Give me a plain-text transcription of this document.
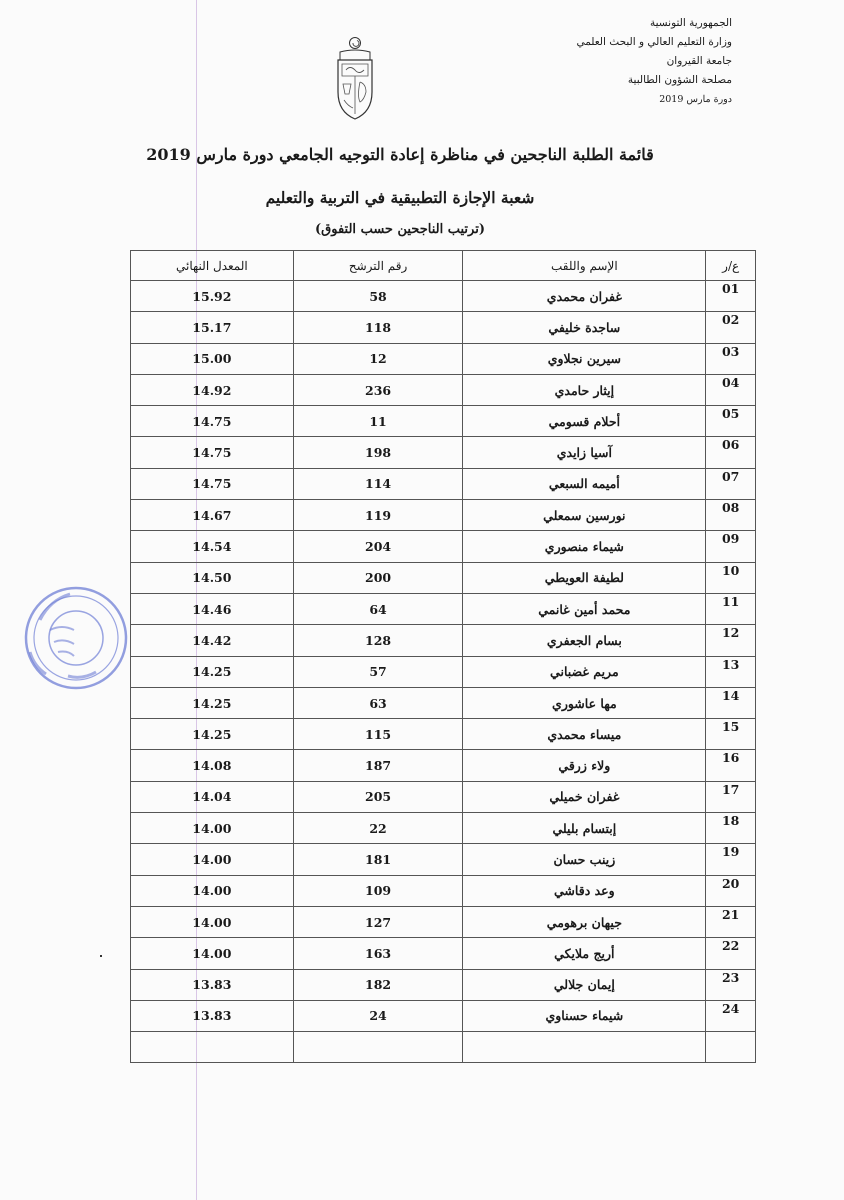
الجمهورية التونسية
وزارة التعليم العالي و البحث العلمي
جامعة القيروان
مصلحة الشؤون الطالبية
دورة مارس 2019
قائمة الطلبة الناجحين في مناظرة إعادة التوجيه الجامعي دورة مارس 2019
شعبة الإجازة التطبيقية في التربية والتعليم
(ترتيب الناجحين حسب التفوق)
ع/ر	الإسم واللقب	رقم الترشح	المعدل النهائي
01	غفران محمدي	58	15.92
02	ساجدة خليفي	118	15.17
03	سيرين نجلاوي	12	15.00
04	إيثار حامدي	236	14.92
05	أحلام قسومي	11	14.75
06	آسيا زايدي	198	14.75
07	أميمه السبعي	114	14.75
08	نورسين سمعلي	119	14.67
09	شيماء منصوري	204	14.54
10	لطيفة العويطي	200	14.50
11	محمد أمين غانمي	64	14.46
12	بسام الجعفري	128	14.42
13	مريم غضباني	57	14.25
14	مها عاشوري	63	14.25
15	ميساء محمدي	115	14.25
16	ولاء زرقي	187	14.08
17	غفران خميلي	205	14.04
18	إبتسام بليلي	22	14.00
19	زينب حسان	181	14.00
20	وعد دقاشي	109	14.00
21	جيهان برهومي	127	14.00
22	أريج ملايكي	163	14.00
23	إيمان جلالي	182	13.83
24	شيماء حسناوي	24	13.83
